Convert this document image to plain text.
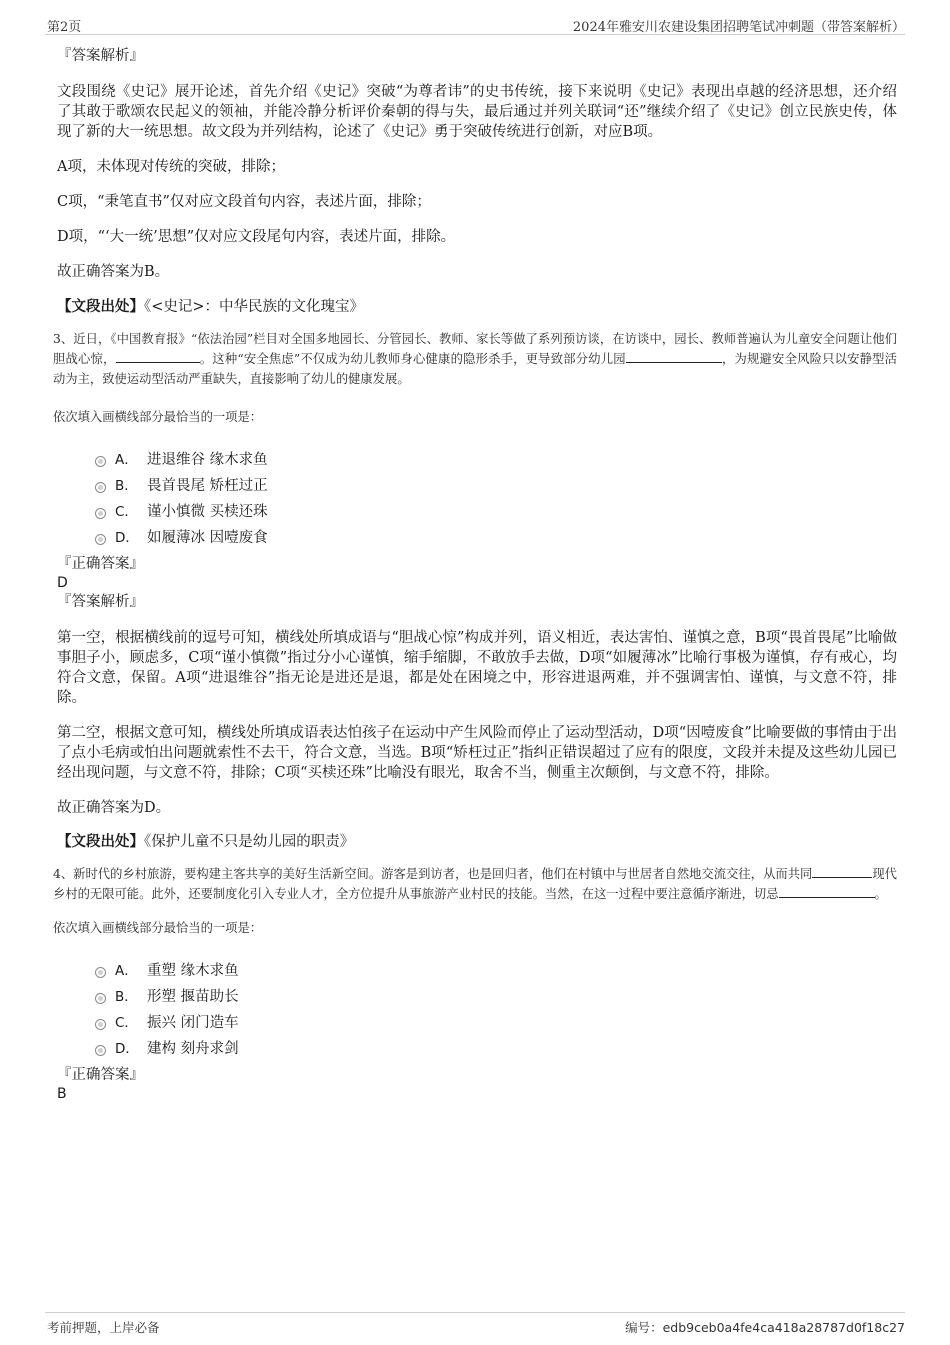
第2页	2024年雅安川农建设集团招聘笔试冲刺题（带答案解析）

『答案解析』

文段围绕《史记》展开论述，首先介绍《史记》突破“为尊者讳”的史书传统，接下来说明《史记》表现出卓越的经济思想，还介绍了其敢于歌颂农民起义的领袖，并能冷静分析评价秦朝的得与失，最后通过并列关联词“还”继续介绍了《史记》创立民族史传，体现了新的大一统思想。故文段为并列结构，论述了《史记》勇于突破传统进行创新，对应B项。

A项，未体现对传统的突破，排除；

C项，“秉笔直书”仅对应文段首句内容，表述片面，排除；

D项，“‘大一统’思想”仅对应文段尾句内容，表述片面，排除。

故正确答案为B。

【文段出处】《<史记>：中华民族的文化瑰宝》

3、近日，《中国教育报》“依法治园”栏目对全国多地园长、分管园长、教师、家长等做了系列预访谈，在访谈中，园长、教师普遍认为儿童安全问题让他们胆战心惊，	。这种“安全焦虑”不仅成为幼儿教师身心健康的隐形杀手，更导致部分幼儿园	，为规避安全风险只以安静型活动为主，致使运动型活动严重缺失，直接影响了幼儿的健康发展。

依次填入画横线部分最恰当的一项是：

A． 进退维谷 缘木求鱼
B． 畏首畏尾 矫枉过正
C． 谨小慎微 买椟还珠
D． 如履薄冰 因噎废食

『正确答案』

D

『答案解析』

第一空，根据横线前的逗号可知，横线处所填成语与“胆战心惊”构成并列，语义相近，表达害怕、谨慎之意，B项“畏首畏尾”比喻做事胆子小，顾虑多，C项“谨小慎微”指过分小心谨慎，缩手缩脚，不敢放手去做，D项“如履薄冰”比喻行事极为谨慎，存有戒心，均符合文意，保留。A项“进退维谷”指无论是进还是退，都是处在困境之中，形容进退两难，并不强调害怕、谨慎，与文意不符，排除。

第二空，根据文意可知，横线处所填成语表达怕孩子在运动中产生风险而停止了运动型活动，D项“因噎废食”比喻要做的事情由于出了点小毛病或怕出问题就索性不去干，符合文意，当选。B项“矫枉过正”指纠正错误超过了应有的限度，文段并未提及这些幼儿园已经出现问题，与文意不符，排除；C项“买椟还珠”比喻没有眼光，取舍不当，侧重主次颠倒，与文意不符，排除。

故正确答案为D。

【文段出处】《保护儿童不只是幼儿园的职责》

4、新时代的乡村旅游，要构建主客共享的美好生活新空间。游客是到访者，也是回归者，他们在村镇中与世居者自然地交流交往，从而共同	现代乡村的无限可能。此外，还要制度化引入专业人才，全方位提升从事旅游产业村民的技能。当然，在这一过程中要注意循序渐进，切忌	。

依次填入画横线部分最恰当的一项是：

A． 重塑 缘木求鱼
B． 形塑 揠苗助长
C． 振兴 闭门造车
D． 建构 刻舟求剑

『正确答案』

B

考前押题，上岸必备	编号：edb9ceb0a4fe4ca418a28787d0f18c27
